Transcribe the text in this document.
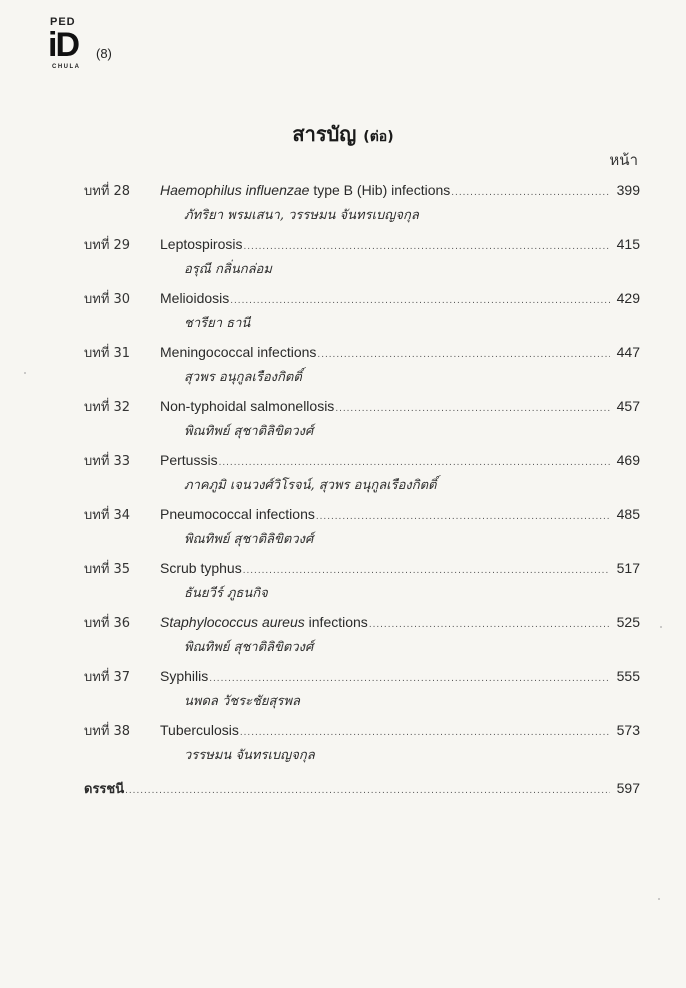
PED
iD
CHULA
(8)
สารบัญ (ต่อ)
หน้า
บทที่ 28	Haemophilus influenzae type B (Hib) infections .....	399
ภัทริยา พรมเสนา, วรรษมน จันทรเบญจกุล
บทที่ 29	Leptospirosis .....	415
อรุณี กลิ่นกล่อม
บทที่ 30	Melioidosis .....	429
ชารียา ธานี
บทที่ 31	Meningococcal infections .....	447
สุวพร อนุกูลเรืองกิตติ์
บทที่ 32	Non-typhoidal salmonellosis .....	457
พิณทิพย์ สุชาติลิขิตวงศ์
บทที่ 33	Pertussis .....	469
ภาคภูมิ เจนวงศ์วิโรจน์, สุวพร อนุกูลเรืองกิตติ์
บทที่ 34	Pneumococcal infections .....	485
พิณทิพย์ สุชาติลิขิตวงศ์
บทที่ 35	Scrub typhus .....	517
ธันยวีร์ ภูธนกิจ
บทที่ 36	Staphylococcus aureus infections .....	525
พิณทิพย์ สุชาติลิขิตวงศ์
บทที่ 37	Syphilis .....	555
นพดล วัชระชัยสุรพล
บทที่ 38	Tuberculosis .....	573
วรรษมน จันทรเบญจกุล
ดรรชนี .....	597
